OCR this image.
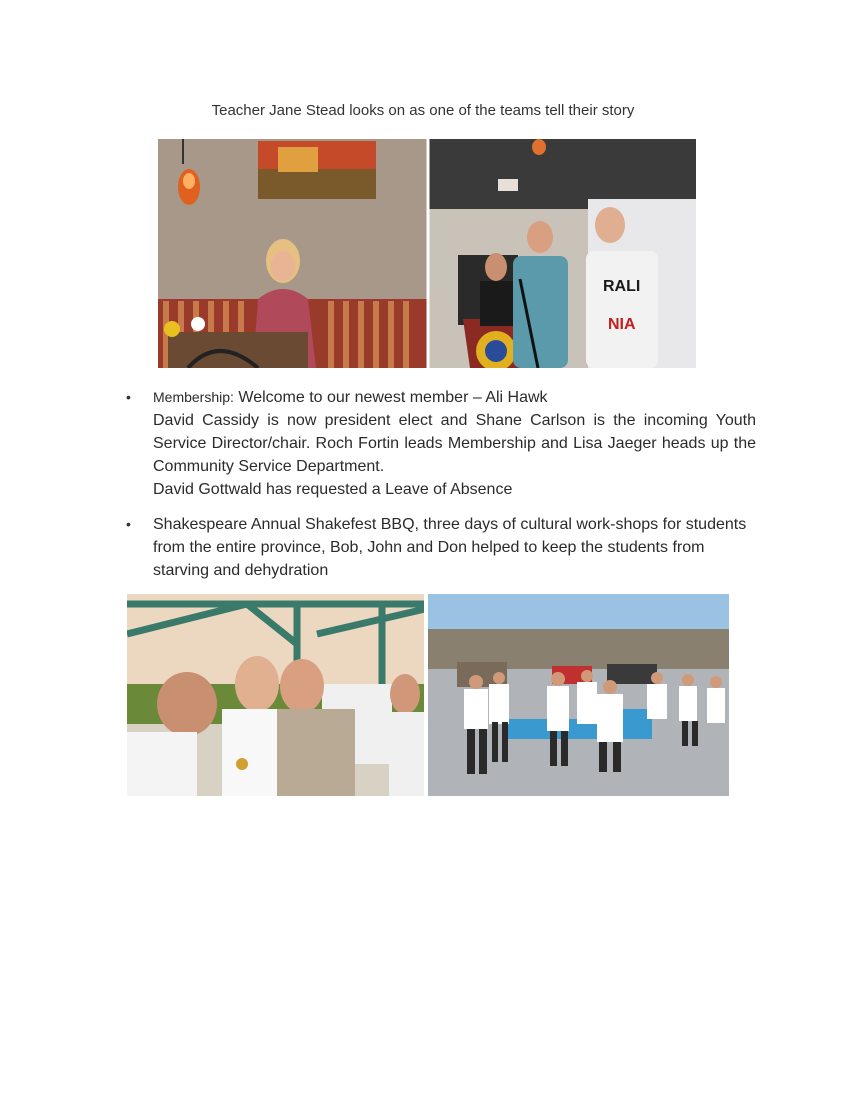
Teacher Jane Stead looks on as one of the teams tell their story
RALI
NIA
•	Membership: Welcome to our newest member – Ali Hawk
David Cassidy is now president elect and Shane Carlson is the incoming Youth Service Director/chair. Roch Fortin leads Membership and Lisa Jaeger heads up the Community Service Department.
David Gottwald has requested a Leave of Absence
•	Shakespeare Annual Shakefest BBQ, three days of cultural work-shops for students from the entire province, Bob, John and Don helped to keep the students from starving and dehydration
